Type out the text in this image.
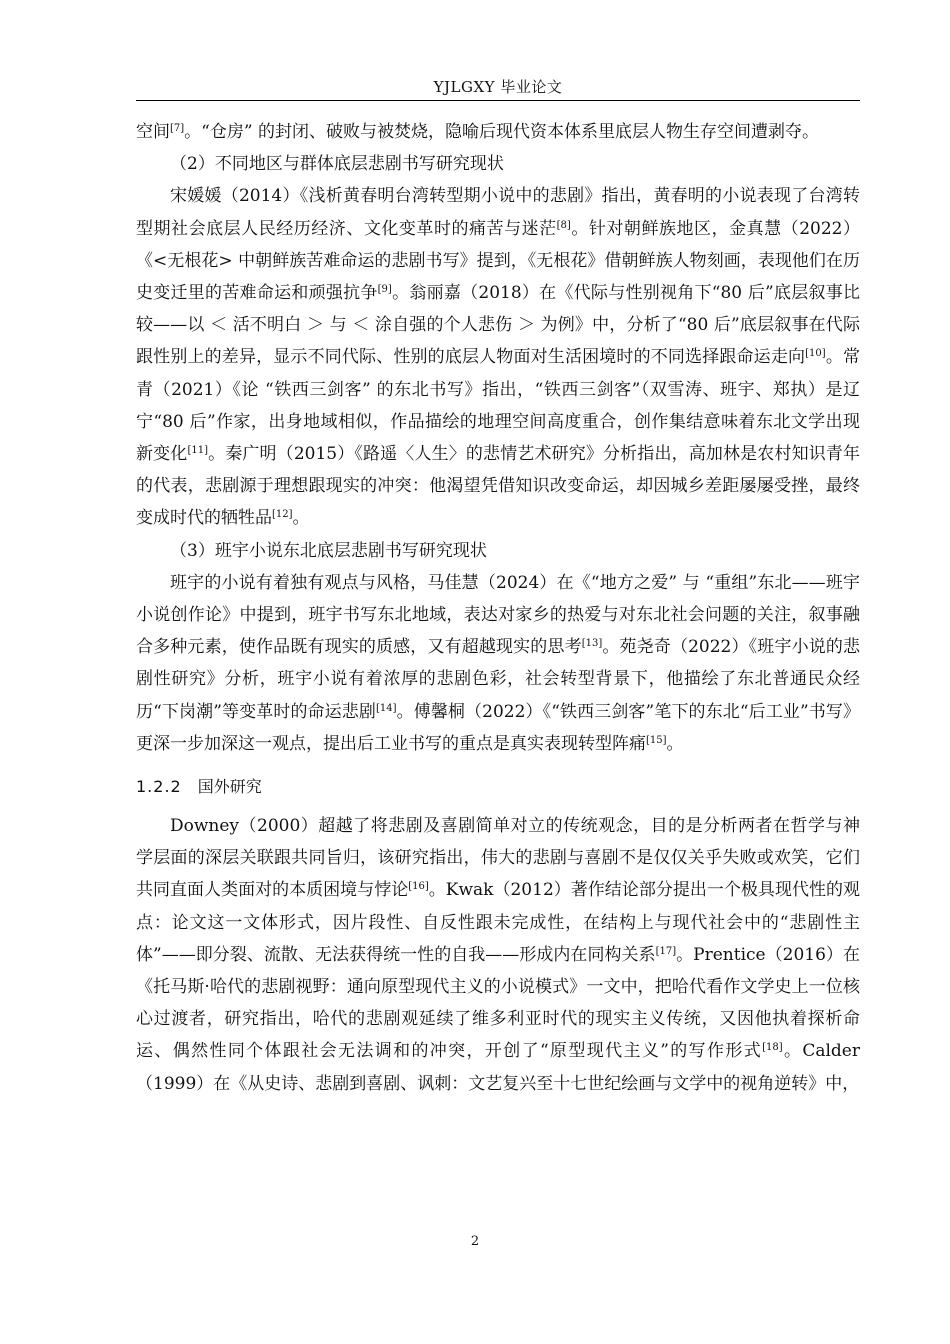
YJLGXY 毕业论文

空间[7]。“仓房” 的封闭、破败与被焚烧，隐喻后现代资本体系里底层人物生存空间遭剥夺。

（2）不同地区与群体底层悲剧书写研究现状

宋媛媛（2014）《浅析黄春明台湾转型期小说中的悲剧》指出，黄春明的小说表现了台湾转型期社会底层人民经历经济、文化变革时的痛苦与迷茫[8]。针对朝鲜族地区，金真慧（2022）《<无根花> 中朝鲜族苦难命运的悲剧书写》提到，《无根花》借朝鲜族人物刻画，表现他们在历史变迁里的苦难命运和顽强抗争[9]。翁丽嘉（2018）在《代际与性别视角下“80 后”底层叙事比较——以 ＜ 活不明白 ＞ 与 ＜ 涂自强的个人悲伤 ＞ 为例》中，分析了“80 后”底层叙事在代际跟性别上的差异，显示不同代际、性别的底层人物面对生活困境时的不同选择跟命运走向[10]。常青（2021）《论 “铁西三剑客” 的东北书写》指出，“铁西三剑客”（双雪涛、班宇、郑执）是辽宁“80 后”作家，出身地域相似，作品描绘的地理空间高度重合，创作集结意味着东北文学出现新变化[11]。秦广明（2015）《路遥〈人生〉的悲情艺术研究》分析指出，高加林是农村知识青年的代表，悲剧源于理想跟现实的冲突：他渴望凭借知识改变命运，却因城乡差距屡屡受挫，最终变成时代的牺牲品[12]。

（3）班宇小说东北底层悲剧书写研究现状

班宇的小说有着独有观点与风格，马佳慧（2024）在《“地方之爱” 与 “重组”东北——班宇小说创作论》中提到，班宇书写东北地域，表达对家乡的热爱与对东北社会问题的关注，叙事融合多种元素，使作品既有现实的质感，又有超越现实的思考[13]。苑尧奇（2022）《班宇小说的悲剧性研究》分析，班宇小说有着浓厚的悲剧色彩，社会转型背景下，他描绘了东北普通民众经历“下岗潮”等变革时的命运悲剧[14]。傅馨桐（2022）《“铁西三剑客”笔下的东北“后工业”书写》更深一步加深这一观点，提出后工业书写的重点是真实表现转型阵痛[15]。

1.2.2 国外研究

Downey（2000）超越了将悲剧及喜剧简单对立的传统观念，目的是分析两者在哲学与神学层面的深层关联跟共同旨归，该研究指出，伟大的悲剧与喜剧不是仅仅关乎失败或欢笑，它们共同直面人类面对的本质困境与悖论[16]。Kwak（2012）著作结论部分提出一个极具现代性的观点：论文这一文体形式，因片段性、自反性跟未完成性，在结构上与现代社会中的“悲剧性主体”——即分裂、流散、无法获得统一性的自我——形成内在同构关系[17]。Prentice（2016）在《托马斯·哈代的悲剧视野：通向原型现代主义的小说模式》一文中，把哈代看作文学史上一位核心过渡者，研究指出，哈代的悲剧观延续了维多利亚时代的现实主义传统，又因他执着探析命运、偶然性同个体跟社会无法调和的冲突，开创了“原型现代主义”的写作形式[18]。Calder（1999）在《从史诗、悲剧到喜剧、讽刺：文艺复兴至十七世纪绘画与文学中的视角逆转》中，

2
